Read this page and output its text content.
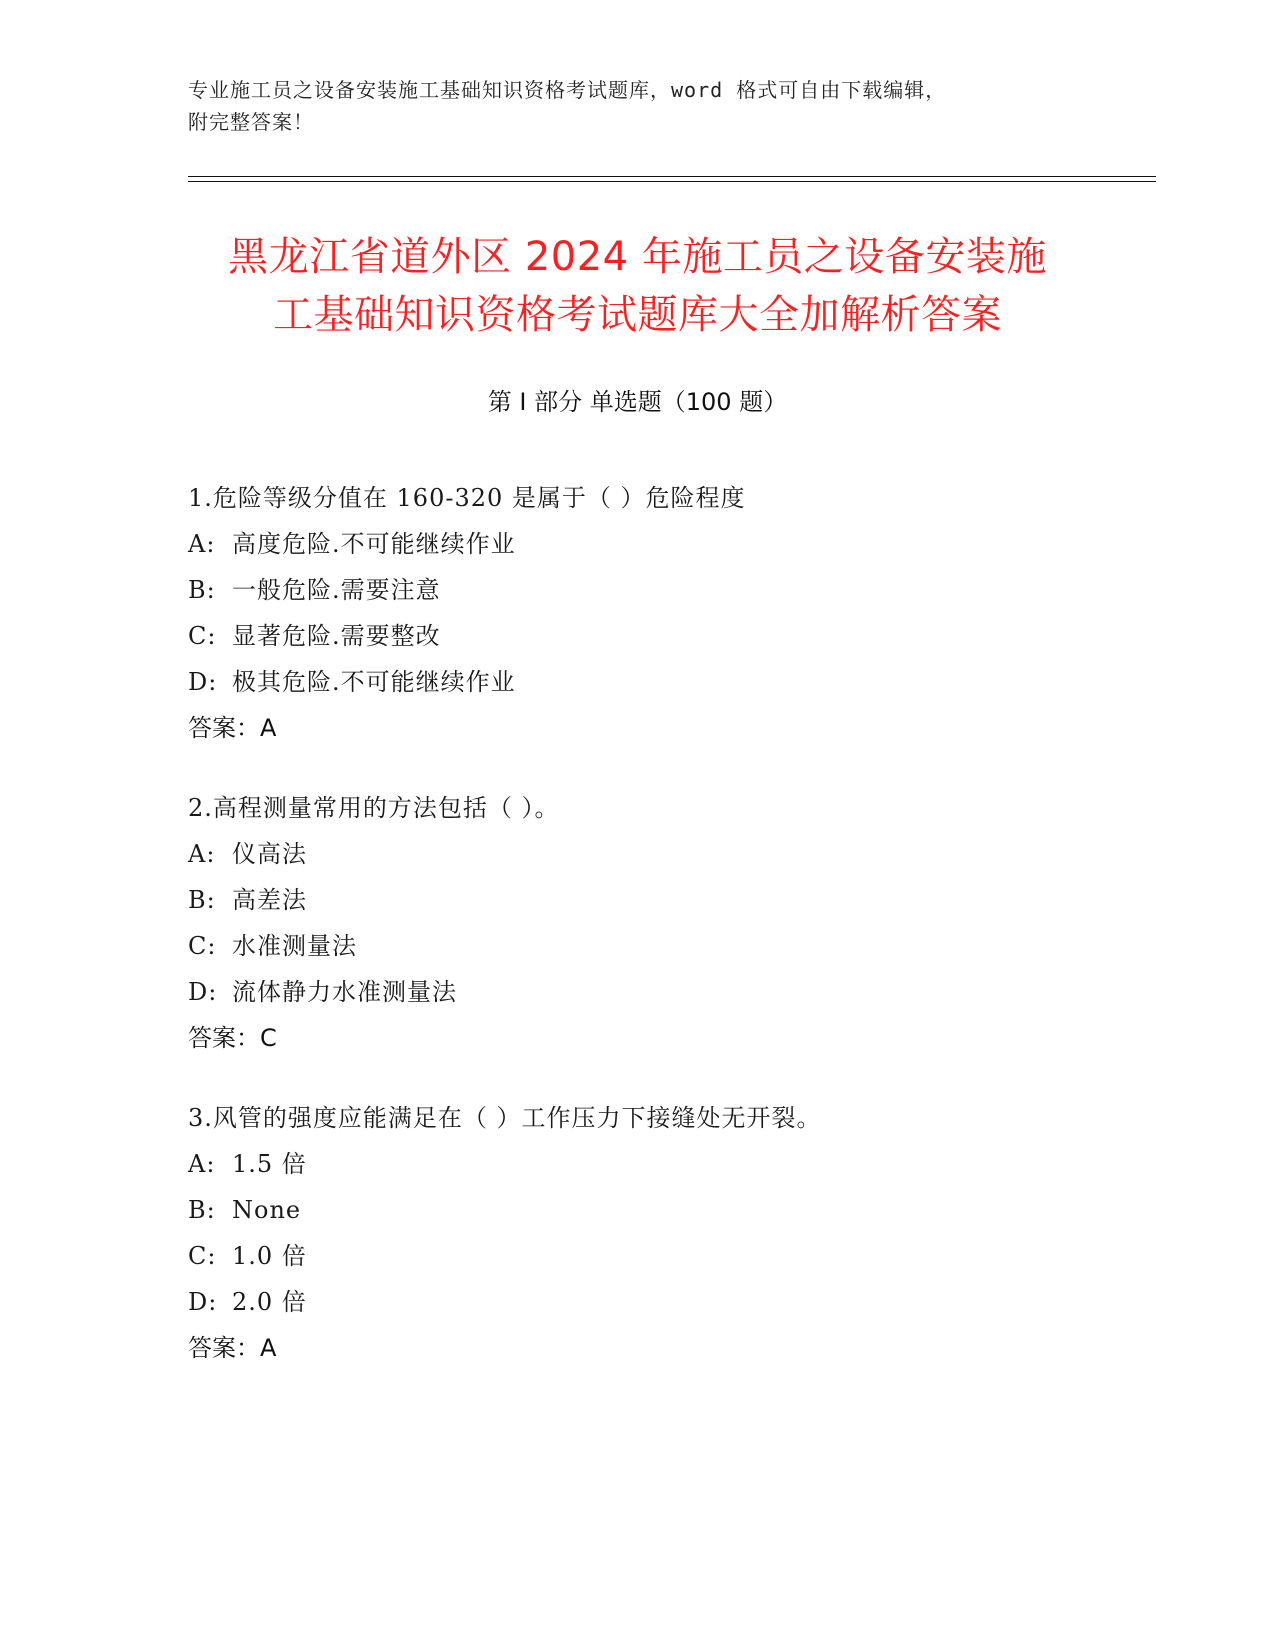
专业施工员之设备安装施工基础知识资格考试题库，word 格式可自由下载编辑，
附完整答案！
黑龙江省道外区 2024 年施工员之设备安装施
工基础知识资格考试题库大全加解析答案
第 I 部分 单选题（100 题）
1.危险等级分值在 160-320 是属于（ ）危险程度
A: 高度危险.不可能继续作业
B: 一般危险.需要注意
C: 显著危险.需要整改
D: 极其危险.不可能继续作业
答案：A
2.高程测量常用的方法包括（ ）。
A: 仪高法
B: 高差法
C: 水准测量法
D: 流体静力水准测量法
答案：C
3.风管的强度应能满足在（ ）工作压力下接缝处无开裂。
A: 1.5 倍
B: None
C: 1.0 倍
D: 2.0 倍
答案：A
